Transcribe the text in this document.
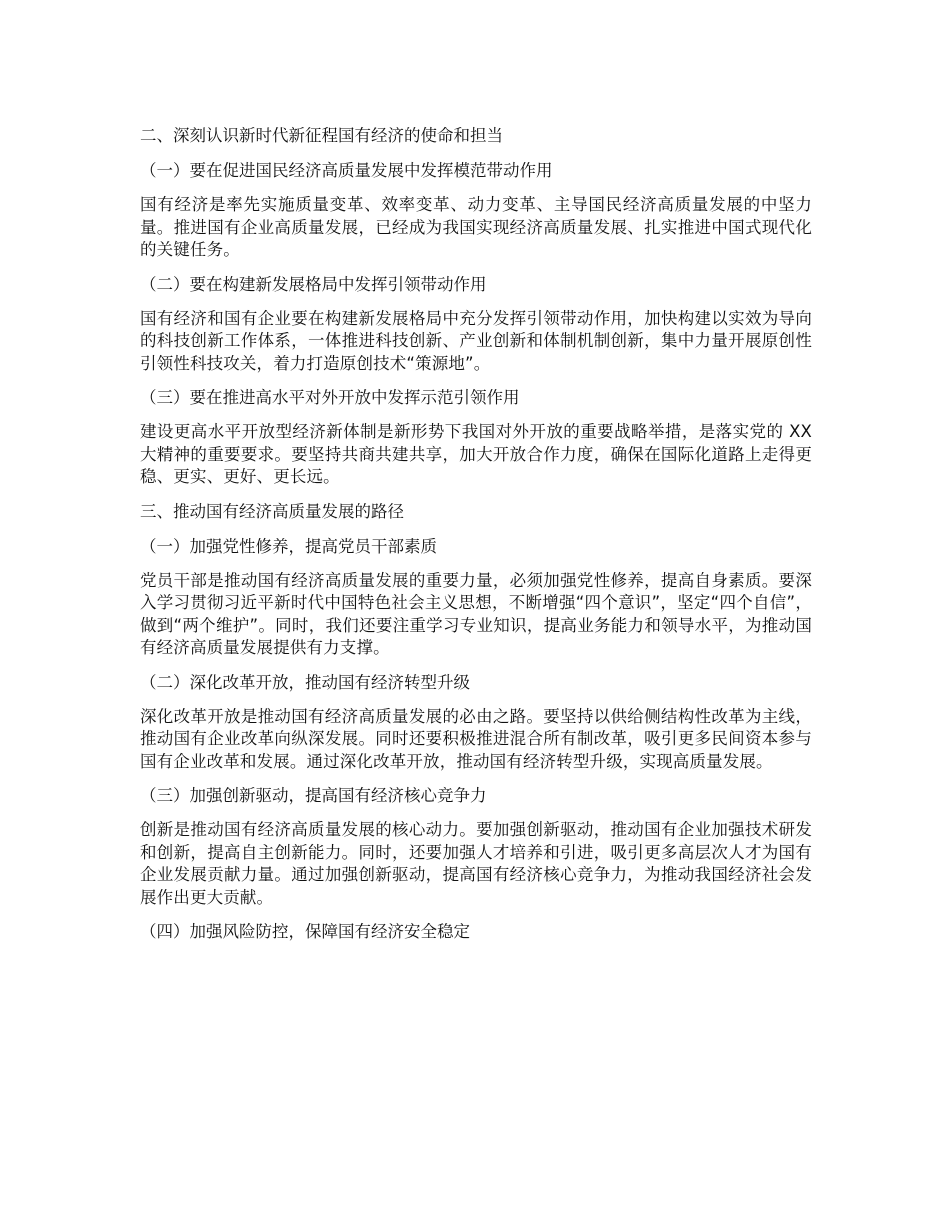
二、深刻认识新时代新征程国有经济的使命和担当
（一）要在促进国民经济高质量发展中发挥模范带动作用
国有经济是率先实施质量变革、效率变革、动力变革、主导国民经济高质量发展的中坚力量。推进国有企业高质量发展，已经成为我国实现经济高质量发展、扎实推进中国式现代化的关键任务。
（二）要在构建新发展格局中发挥引领带动作用
国有经济和国有企业要在构建新发展格局中充分发挥引领带动作用，加快构建以实效为导向的科技创新工作体系，一体推进科技创新、产业创新和体制机制创新，集中力量开展原创性引领性科技攻关，着力打造原创技术“策源地”。
（三）要在推进高水平对外开放中发挥示范引领作用
建设更高水平开放型经济新体制是新形势下我国对外开放的重要战略举措，是落实党的 XX 大精神的重要要求。要坚持共商共建共享，加大开放合作力度，确保在国际化道路上走得更稳、更实、更好、更长远。
三、推动国有经济高质量发展的路径
（一）加强党性修养，提高党员干部素质
党员干部是推动国有经济高质量发展的重要力量，必须加强党性修养，提高自身素质。要深入学习贯彻习近平新时代中国特色社会主义思想，不断增强“四个意识”，坚定“四个自信”，做到“两个维护”。同时，我们还要注重学习专业知识，提高业务能力和领导水平，为推动国有经济高质量发展提供有力支撑。
（二）深化改革开放，推动国有经济转型升级
深化改革开放是推动国有经济高质量发展的必由之路。要坚持以供给侧结构性改革为主线，推动国有企业改革向纵深发展。同时还要积极推进混合所有制改革，吸引更多民间资本参与国有企业改革和发展。通过深化改革开放，推动国有经济转型升级，实现高质量发展。
（三）加强创新驱动，提高国有经济核心竞争力
创新是推动国有经济高质量发展的核心动力。要加强创新驱动，推动国有企业加强技术研发和创新，提高自主创新能力。同时，还要加强人才培养和引进，吸引更多高层次人才为国有企业发展贡献力量。通过加强创新驱动，提高国有经济核心竞争力，为推动我国经济社会发展作出更大贡献。
（四）加强风险防控，保障国有经济安全稳定
